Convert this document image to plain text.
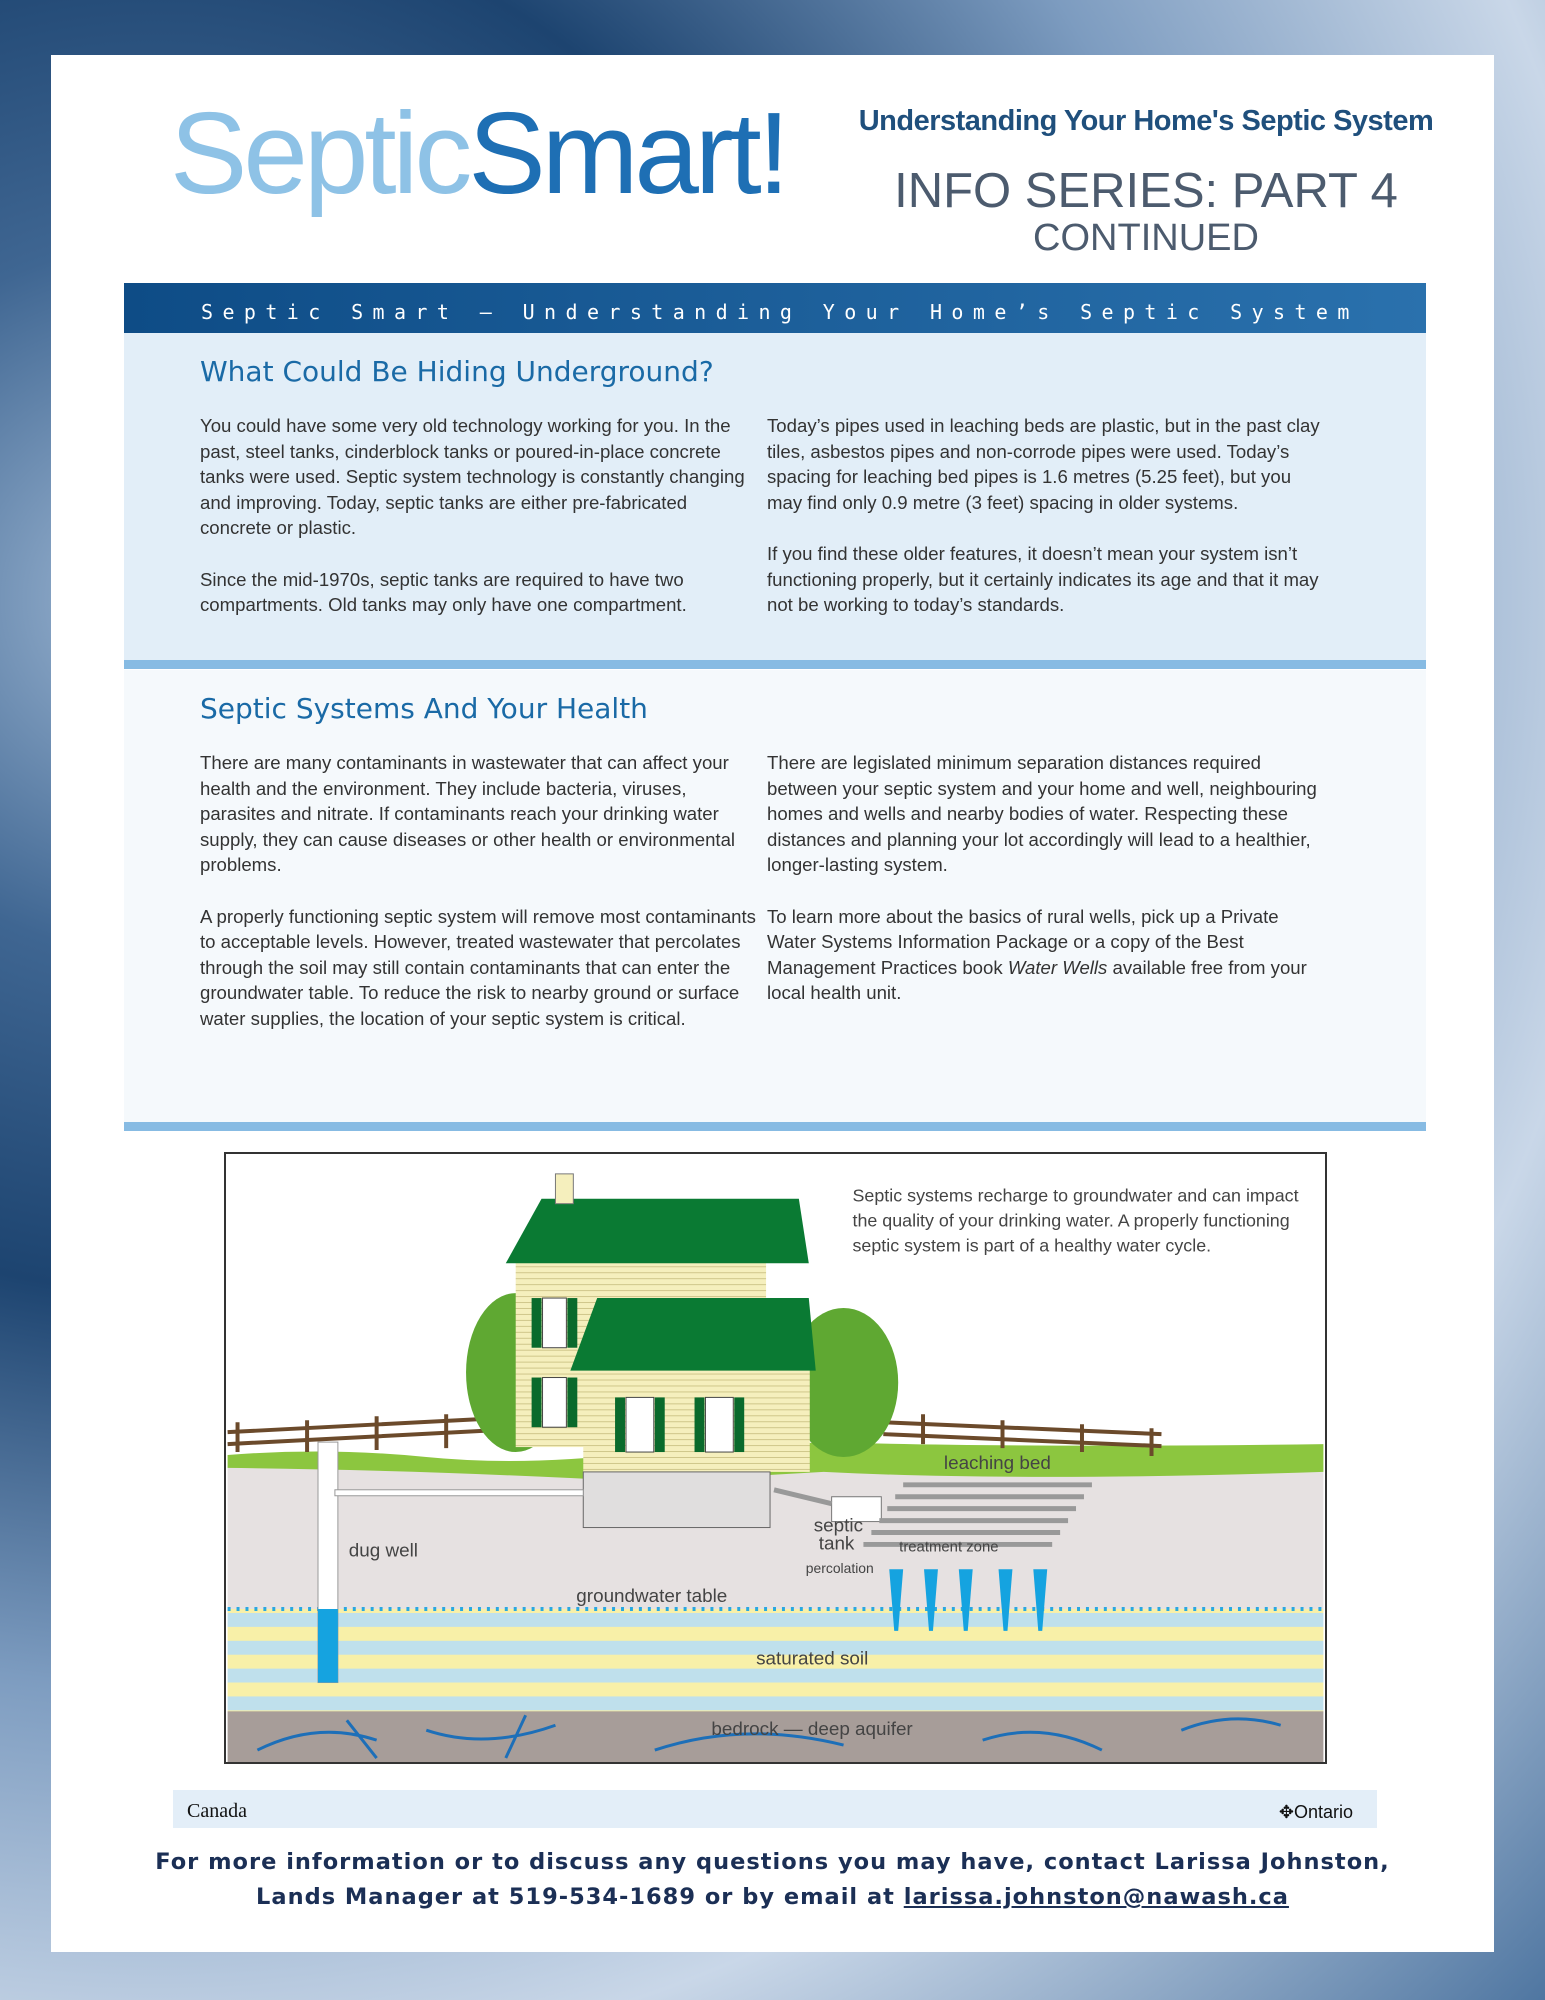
SepticSmart!	Understanding Your Home's Septic System
INFO SERIES: PART 4
CONTINUED
Septic Smart — Understanding Your Home’s Septic System
What Could Be Hiding Underground?

You could have some very old technology working for you. In the past, steel tanks, cinderblock tanks or poured-in-place concrete tanks were used. Septic system technology is constantly changing and improving. Today, septic tanks are either pre-fabricated concrete or plastic.

Since the mid-1970s, septic tanks are required to have two compartments. Old tanks may only have one compartment.

Today’s pipes used in leaching beds are plastic, but in the past clay tiles, asbestos pipes and non-corrode pipes were used. Today’s spacing for leaching bed pipes is 1.6 metres (5.25 feet), but you may find only 0.9 metre (3 feet) spacing in older systems.

If you find these older features, it doesn’t mean your system isn’t functioning properly, but it certainly indicates its age and that it may not be working to today’s standards.

Septic Systems And Your Health

There are many contaminants in wastewater that can affect your health and the environment. They include bacteria, viruses, parasites and nitrate. If contaminants reach your drinking water supply, they can cause diseases or other health or environmental problems.

A properly functioning septic system will remove most contaminants to acceptable levels. However, treated wastewater that percolates through the soil may still contain contaminants that can enter the groundwater table. To reduce the risk to nearby ground or surface water supplies, the location of your septic system is critical.

There are legislated minimum separation distances required between your septic system and your home and well, neighbouring homes and wells and nearby bodies of water. Respecting these distances and planning your lot accordingly will lead to a healthier, longer-lasting system.

To learn more about the basics of rural wells, pick up a Private Water Systems Information Package or a copy of the Best Management Practices book Water Wells available free from your local health unit.

Septic systems recharge to groundwater and can impact
the quality of your drinking water. A properly functioning
septic system is part of a healthy water cycle.
leaching bed
dug well
septic
tank	treatment zone
percolation
groundwater table
saturated soil
bedrock — deep aquifer
Canada	✥Ontario
For more information or to discuss any questions you may have, contact Larissa Johnston,
Lands Manager at 519-534-1689 or by email at larissa.johnston@nawash.ca
